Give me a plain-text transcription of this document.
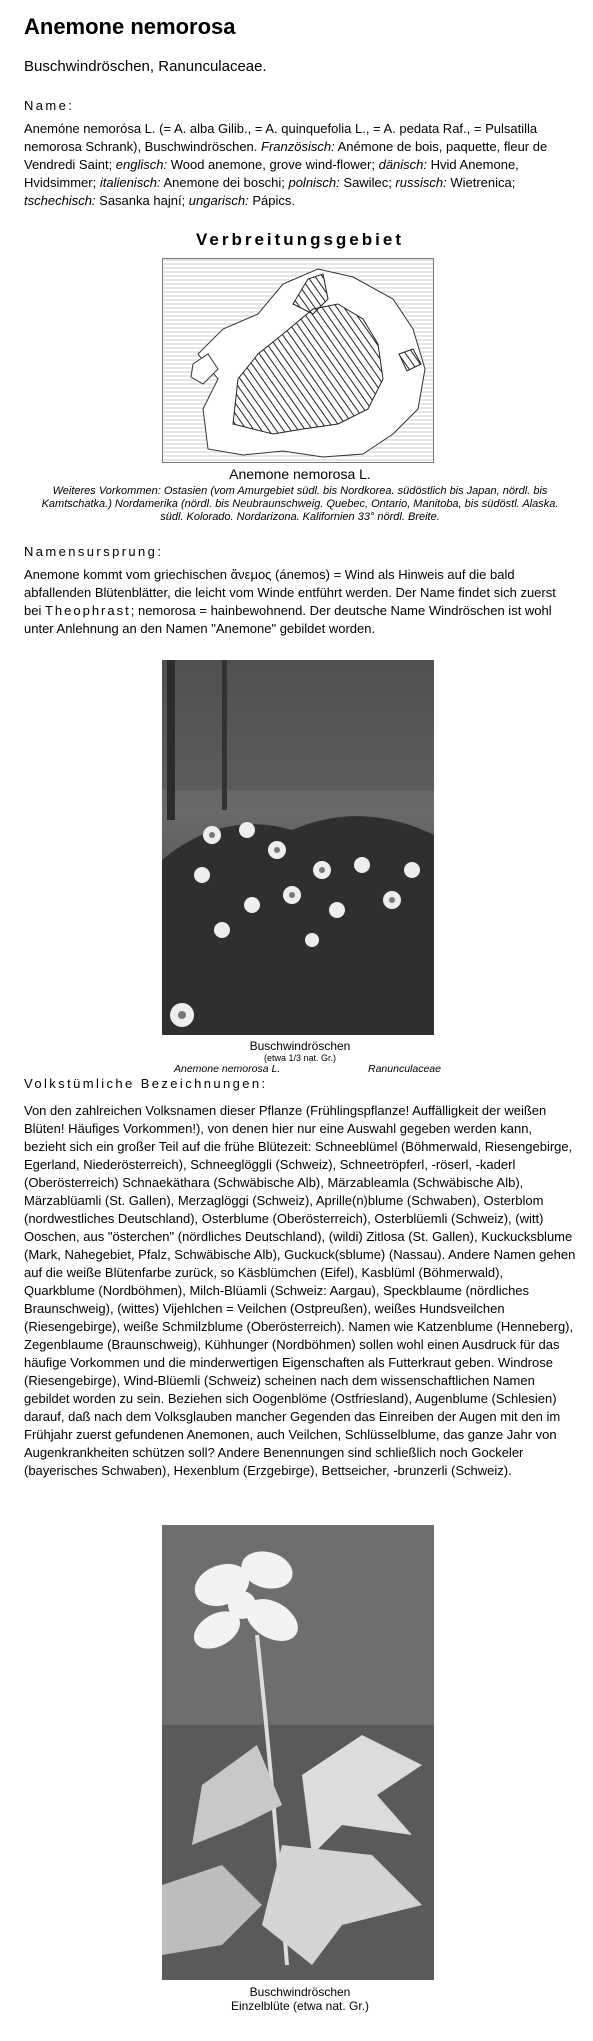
Anemone nemorosa

Buschwindröschen, Ranunculaceae.

Name:

Anemóne nemorósa L. (= A. alba Gilib., = A. quinquefolia L., = A. pedata Raf., = Pulsatilla nemorosa Schrank), Buschwindröschen. Französisch: Anémone de bois, paquette, fleur de Vendredi Saint; englisch: Wood anemone, grove wind-flower; dänisch: Hvid Anemone, Hvidsimmer; italienisch: Anemone dei boschi; polnisch: Sawilec; russisch: Wietrenica; tschechisch: Sasanka hajní; ungarisch: Pápics.

Verbreitungsgebiet
Anemone nemorosa L.
Weiteres Vorkommen: Ostasien (vom Amurgebiet südl. bis Nordkorea. südöstlich bis Japan, nördl. bis Kamtschatka.) Nordamerika (nördl. bis Neubraunschweig. Quebec, Ontario, Manitoba, bis südöstl. Alaska. südl. Kolorado. Nordarizona. Kalifornien 33° nördl. Breite.

Namensursprung:

Anemone kommt vom griechischen ἄνεμος (ánemos) = Wind als Hinweis auf die bald abfallenden Blütenblätter, die leicht vom Winde entführt werden. Der Name findet sich zuerst bei Theophrast; nemorosa = hainbewohnend. Der deutsche Name Windröschen ist wohl unter Anlehnung an den Namen "Anemone" gebildet worden.

Buschwindröschen
(etwa 1/3 nat. Gr.)
Anemone nemorosa L.	Ranunculaceae

Volkstümliche Bezeichnungen:

Von den zahlreichen Volksnamen dieser Pflanze (Frühlingspflanze! Auffälligkeit der weißen Blüten! Häufiges Vorkommen!), von denen hier nur eine Auswahl gegeben werden kann, bezieht sich ein großer Teil auf die frühe Blütezeit: Schneeblümel (Böhmerwald, Riesengebirge, Egerland, Niederösterreich), Schneeglöggli (Schweiz), Schneetröpferl, -röserl, -kaderl (Oberösterreich) Schnaekäthara (Schwäbische Alb), Märzableamla (Schwäbische Alb), Märzablüamli (St. Gallen), Merzaglöggi (Schweiz), Aprille(n)blume (Schwaben), Osterblom (nordwestliches Deutschland), Osterblume (Oberösterreich), Osterblüemli (Schweiz), (witt) Ooschen, aus "österchen" (nördliches Deutschland), (wildi) Zitlosa (St. Gallen), Kuckucksblume (Mark, Nahegebiet, Pfalz, Schwäbische Alb), Guckuck(sblume) (Nassau). Andere Namen gehen auf die weiße Blütenfarbe zurück, so Käsblümchen (Eifel), Kasblüml (Böhmerwald), Quarkblume (Nordböhmen), Milch-Blüamli (Schweiz: Aargau), Speckblaume (nördliches Braunschweig), (wittes) Vijehlchen = Veilchen (Ostpreußen), weißes Hundsveilchen (Riesengebirge), weiße Schmilzblume (Oberösterreich). Namen wie Katzenblume (Henneberg), Zegenblaume (Braunschweig), Kühhunger (Nordböhmen) sollen wohl einen Ausdruck für das häufige Vorkommen und die minderwertigen Eigenschaften als Futterkraut geben. Windrose (Riesengebirge), Wind-Blüemli (Schweiz) scheinen nach dem wissenschaftlichen Namen gebildet worden zu sein. Beziehen sich Oogenblöme (Ostfriesland), Augenblume (Schlesien) darauf, daß nach dem Volksglauben mancher Gegenden das Einreiben der Augen mit den im Frühjahr zuerst gefundenen Anemonen, auch Veilchen, Schlüsselblume, das ganze Jahr von Augenkrankheiten schützen soll? Andere Benennungen sind schließlich noch Gockeler (bayerisches Schwaben), Hexenblum (Erzgebirge), Bettseicher, -brunzerli (Schweiz).

Buschwindröschen
Einzelblüte (etwa nat. Gr.)
